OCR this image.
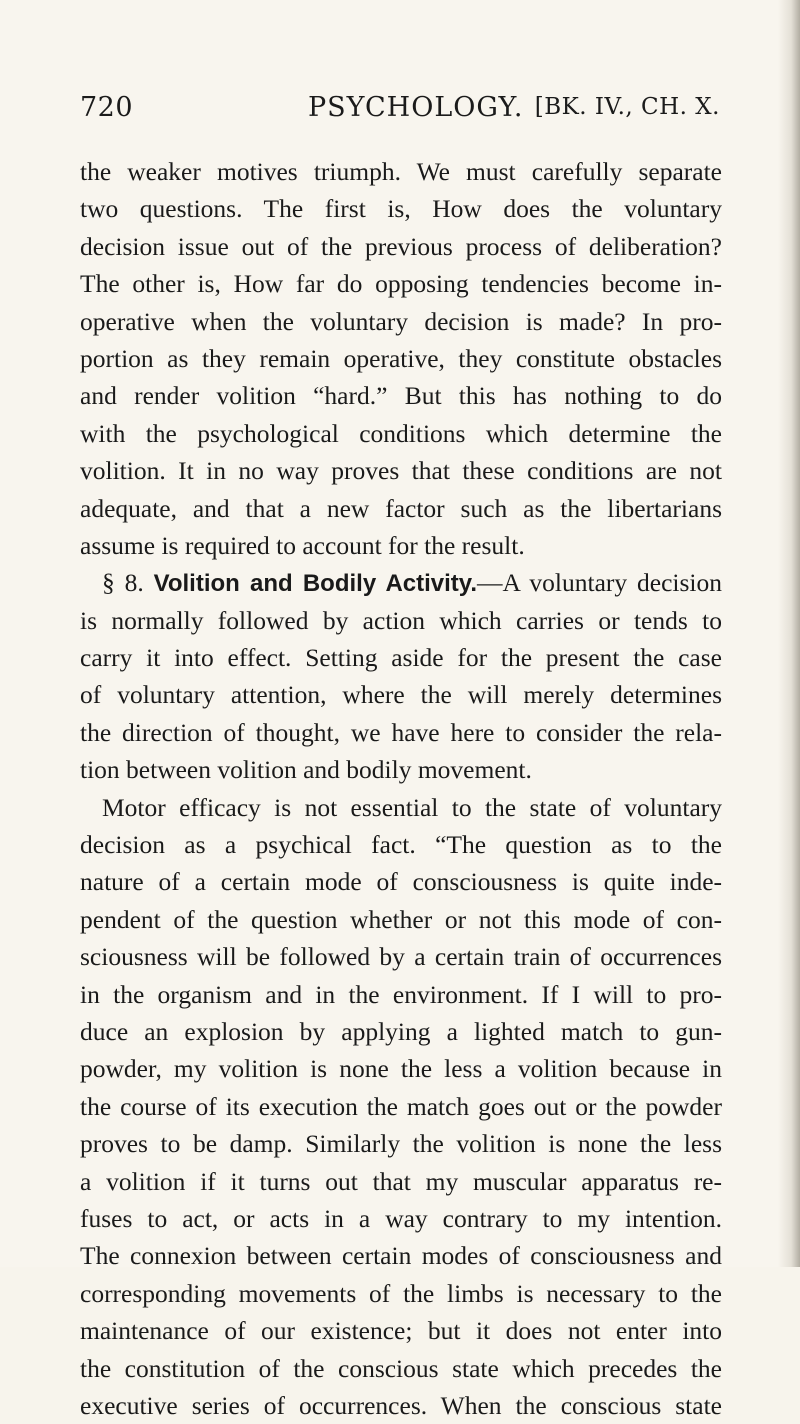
720	PSYCHOLOGY. [BK. IV., CH. X.
the weaker motives triumph. We must carefully separate
two questions. The first is, How does the voluntary
decision issue out of the previous process of deliberation?
The other is, How far do opposing tendencies become in-
operative when the voluntary decision is made? In pro-
portion as they remain operative, they constitute obstacles
and render volition “hard.” But this has nothing to do
with the psychological conditions which determine the
volition. It in no way proves that these conditions are not
adequate, and that a new factor such as the libertarians
assume is required to account for the result.
§ 8. Volition and Bodily Activity.—A voluntary decision
is normally followed by action which carries or tends to
carry it into effect. Setting aside for the present the case
of voluntary attention, where the will merely determines
the direction of thought, we have here to consider the rela-
tion between volition and bodily movement.
Motor efficacy is not essential to the state of voluntary
decision as a psychical fact. “The question as to the
nature of a certain mode of consciousness is quite inde-
pendent of the question whether or not this mode of con-
sciousness will be followed by a certain train of occurrences
in the organism and in the environment. If I will to pro-
duce an explosion by applying a lighted match to gun-
powder, my volition is none the less a volition because in
the course of its execution the match goes out or the powder
proves to be damp. Similarly the volition is none the less
a volition if it turns out that my muscular apparatus re-
fuses to act, or acts in a way contrary to my intention.
The connexion between certain modes of consciousness and
corresponding movements of the limbs is necessary to the
maintenance of our existence; but it does not enter into
the constitution of the conscious state which precedes the
executive series of occurrences. When the conscious state
